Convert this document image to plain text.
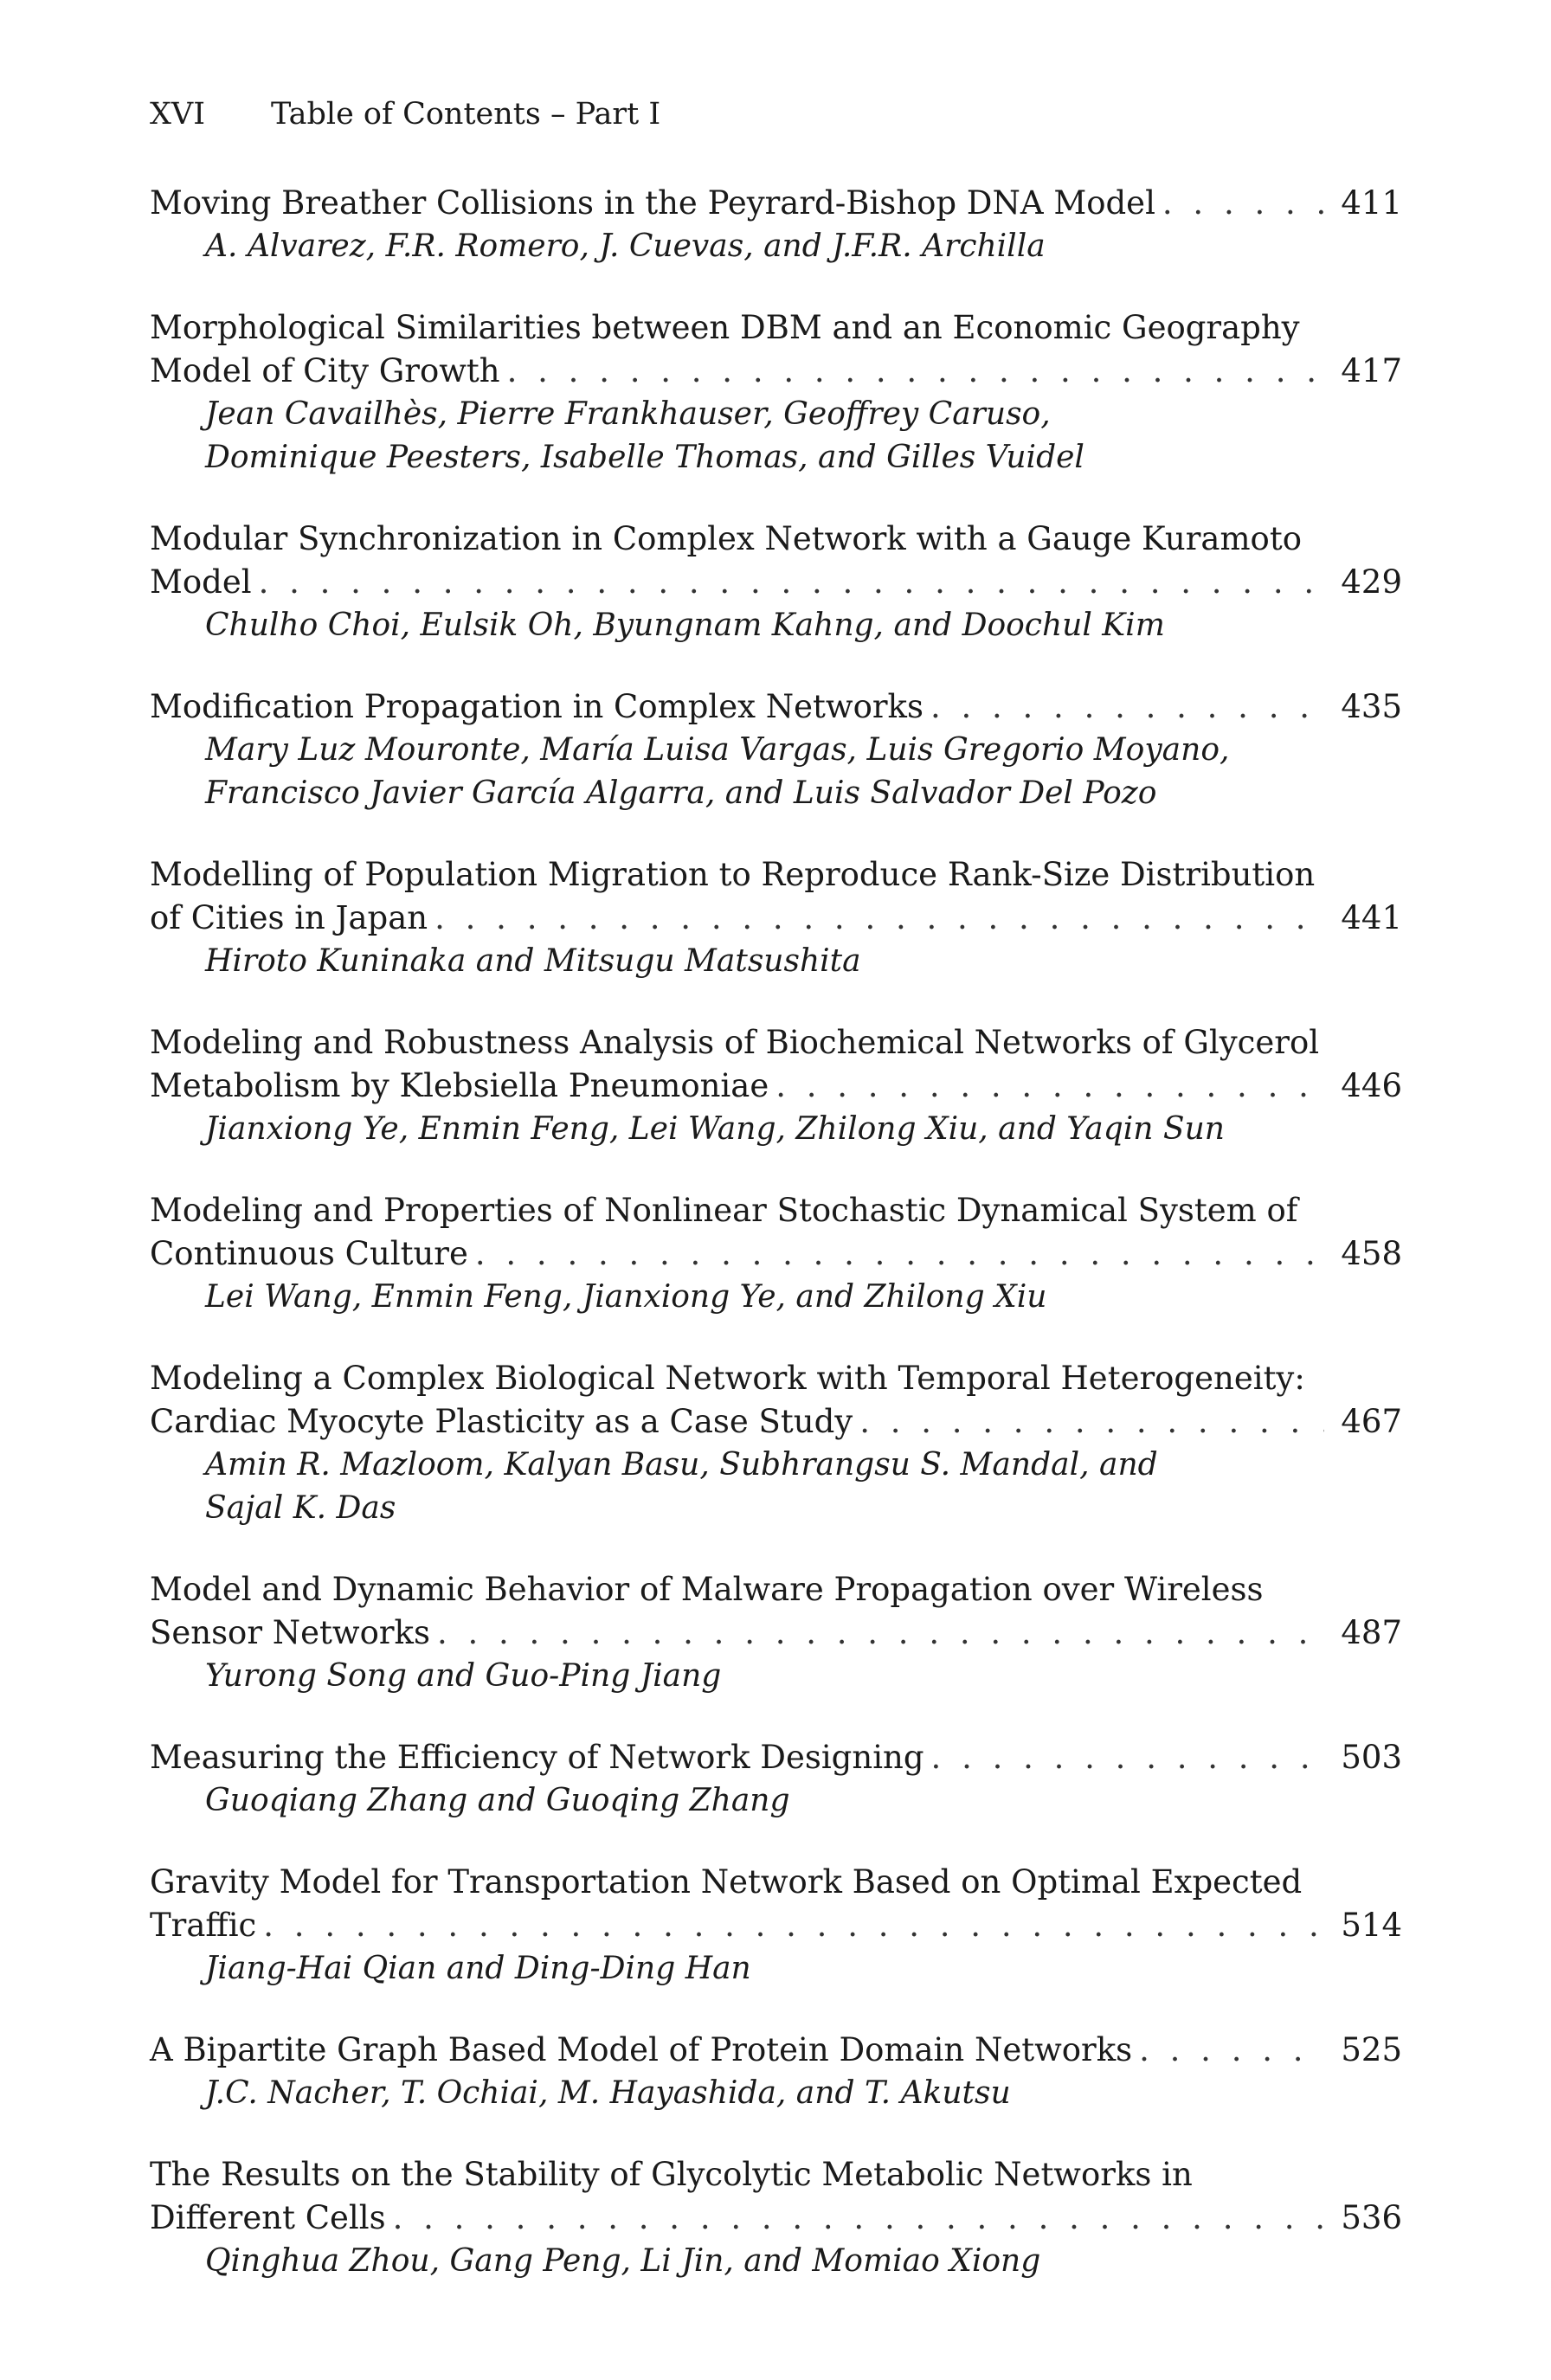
XVI Table of Contents – Part I
Moving Breather Collisions in the Peyrard-Bishop DNA Model . . .	411
A. Alvarez, F.R. Romero, J. Cuevas, and J.F.R. Archilla
Morphological Similarities between DBM and an Economic Geography
Model of City Growth . . .	417
Jean Cavailhès, Pierre Frankhauser, Geoffrey Caruso,
Dominique Peesters, Isabelle Thomas, and Gilles Vuidel
Modular Synchronization in Complex Network with a Gauge Kuramoto
Model . . .	429
Chulho Choi, Eulsik Oh, Byungnam Kahng, and Doochul Kim
Modification Propagation in Complex Networks . . .	435
Mary Luz Mouronte, María Luisa Vargas, Luis Gregorio Moyano,
Francisco Javier García Algarra, and Luis Salvador Del Pozo
Modelling of Population Migration to Reproduce Rank-Size Distribution
of Cities in Japan . . .	441
Hiroto Kuninaka and Mitsugu Matsushita
Modeling and Robustness Analysis of Biochemical Networks of Glycerol
Metabolism by Klebsiella Pneumoniae . . .	446
Jianxiong Ye, Enmin Feng, Lei Wang, Zhilong Xiu, and Yaqin Sun
Modeling and Properties of Nonlinear Stochastic Dynamical System of
Continuous Culture . . .	458
Lei Wang, Enmin Feng, Jianxiong Ye, and Zhilong Xiu
Modeling a Complex Biological Network with Temporal Heterogeneity:
Cardiac Myocyte Plasticity as a Case Study . . .	467
Amin R. Mazloom, Kalyan Basu, Subhrangsu S. Mandal, and
Sajal K. Das
Model and Dynamic Behavior of Malware Propagation over Wireless
Sensor Networks . . .	487
Yurong Song and Guo-Ping Jiang
Measuring the Efficiency of Network Designing . . .	503
Guoqiang Zhang and Guoqing Zhang
Gravity Model for Transportation Network Based on Optimal Expected
Traffic . . .	514
Jiang-Hai Qian and Ding-Ding Han
A Bipartite Graph Based Model of Protein Domain Networks . . .	525
J.C. Nacher, T. Ochiai, M. Hayashida, and T. Akutsu
The Results on the Stability of Glycolytic Metabolic Networks in
Different Cells . . .	536
Qinghua Zhou, Gang Peng, Li Jin, and Momiao Xiong
